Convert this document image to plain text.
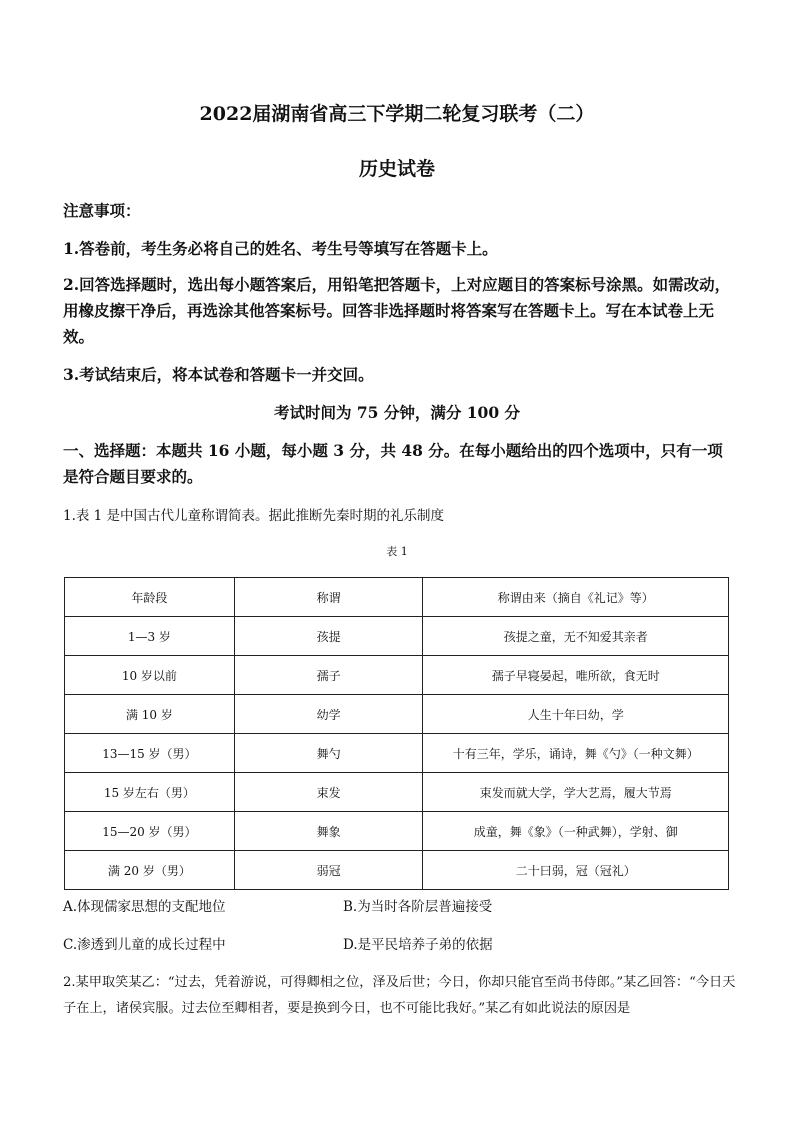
2022届湖南省高三下学期二轮复习联考（二）
历史试卷
注意事项：
1.答卷前，考生务必将自己的姓名、考生号等填写在答题卡上。
2.回答选择题时，选出每小题答案后，用铅笔把答题卡，上对应题目的答案标号涂黑。如需改动，用橡皮擦干净后，再选涂其他答案标号。回答非选择题时将答案写在答题卡上。写在本试卷上无效。
3.考试结束后，将本试卷和答题卡一并交回。
考试时间为 75 分钟，满分 100 分
一、选择题：本题共 16 小题，每小题 3 分，共 48 分。在每小题给出的四个选项中，只有一项是符合题目要求的。
1.表 1 是中国古代儿童称谓简表。据此推断先秦时期的礼乐制度
表 1
年龄段	称谓	称谓由来（摘自《礼记》等）
1—3 岁	孩提	孩提之童，无不知爱其亲者
10 岁以前	孺子	孺子早寝晏起，唯所欲，食无时
满 10 岁	幼学	人生十年曰幼，学
13—15 岁（男）	舞勺	十有三年，学乐，诵诗，舞《勺》（一种文舞）
15 岁左右（男）	束发	束发而就大学，学大艺焉，履大节焉
15—20 岁（男）	舞象	成童，舞《象》（一种武舞），学射、御
满 20 岁（男）	弱冠	二十曰弱，冠（冠礼）
A.体现儒家思想的支配地位	B.为当时各阶层普遍接受
C.渗透到儿童的成长过程中	D.是平民培养子弟的依据
2.某甲取笑某乙：“过去，凭着游说，可得卿相之位，泽及后世；今日，你却只能官至尚书侍郎。”某乙回答：“今日天子在上，诸侯宾服。过去位至卿相者，要是换到今日，也不可能比我好。”某乙有如此说法的原因是
